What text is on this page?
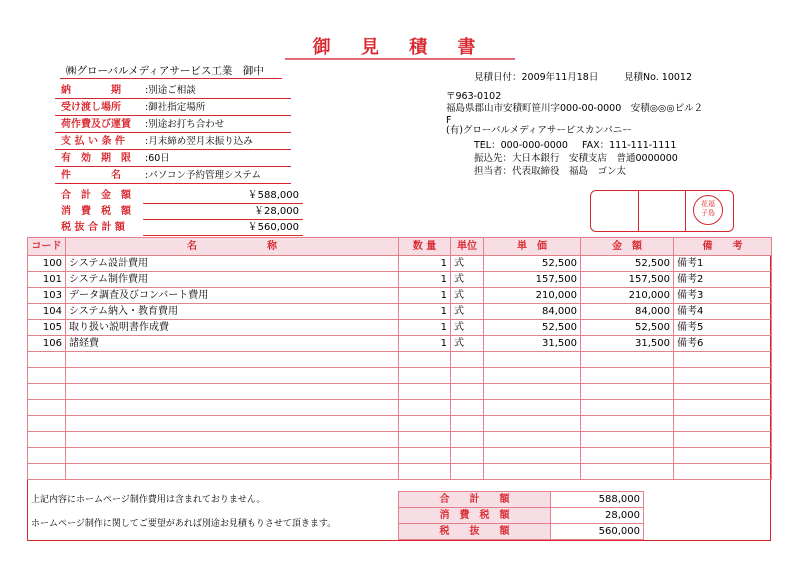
御 見 積 書
㈱グローバルメディアサービス工業　御中
納　　　　期	:別途ご相談
受け渡し場所	:御社指定場所
荷作費及び運賃	:別途お打ち合わせ
支 払 い 条 件	:月末締め翌月末振り込み
有　効　期　限	:60日
件　　　　名	:パソコン予約管理システム
合　計　金　額	￥588,000
消　費　税　額	￥28,000
税 抜 合 計 額	￥560,000
見積日付：2009年11月18日	見積No. 10012
〒963-0102
福島県郡山市安積町笹川字000-00-0000　安積◎◎◎ビル２
F
(有)グローバルメディアサービスカンパニー
TEL：000-000-0000 FAX：111-111-1111
振込先：大日本銀行　安積支店　普通0000000
担当者：代表取締役　福島　ゴン太
花福
子島
コード	名　　　　　　　称	数 量	単位	単　価	金　額	備　　考
100	システム設計費用	1	式	52,500	52,500	備考1
101	システム制作費用	1	式	157,500	157,500	備考2
103	データ調査及びコンバート費用	1	式	210,000	210,000	備考3
104	システム納入・教育費用	1	式	84,000	84,000	備考4
105	取り扱い説明書作成費	1	式	52,500	52,500	備考5
106	諸経費	1	式	31,500	31,500	備考6

上記内容にホームページ制作費用は含まれておりません。
ホームページ制作に関してご要望があれば別途お見積もりさせて頂きます。
合　　計　　額	588,000
消　費　税　額	28,000
税　　抜　　額	560,000
